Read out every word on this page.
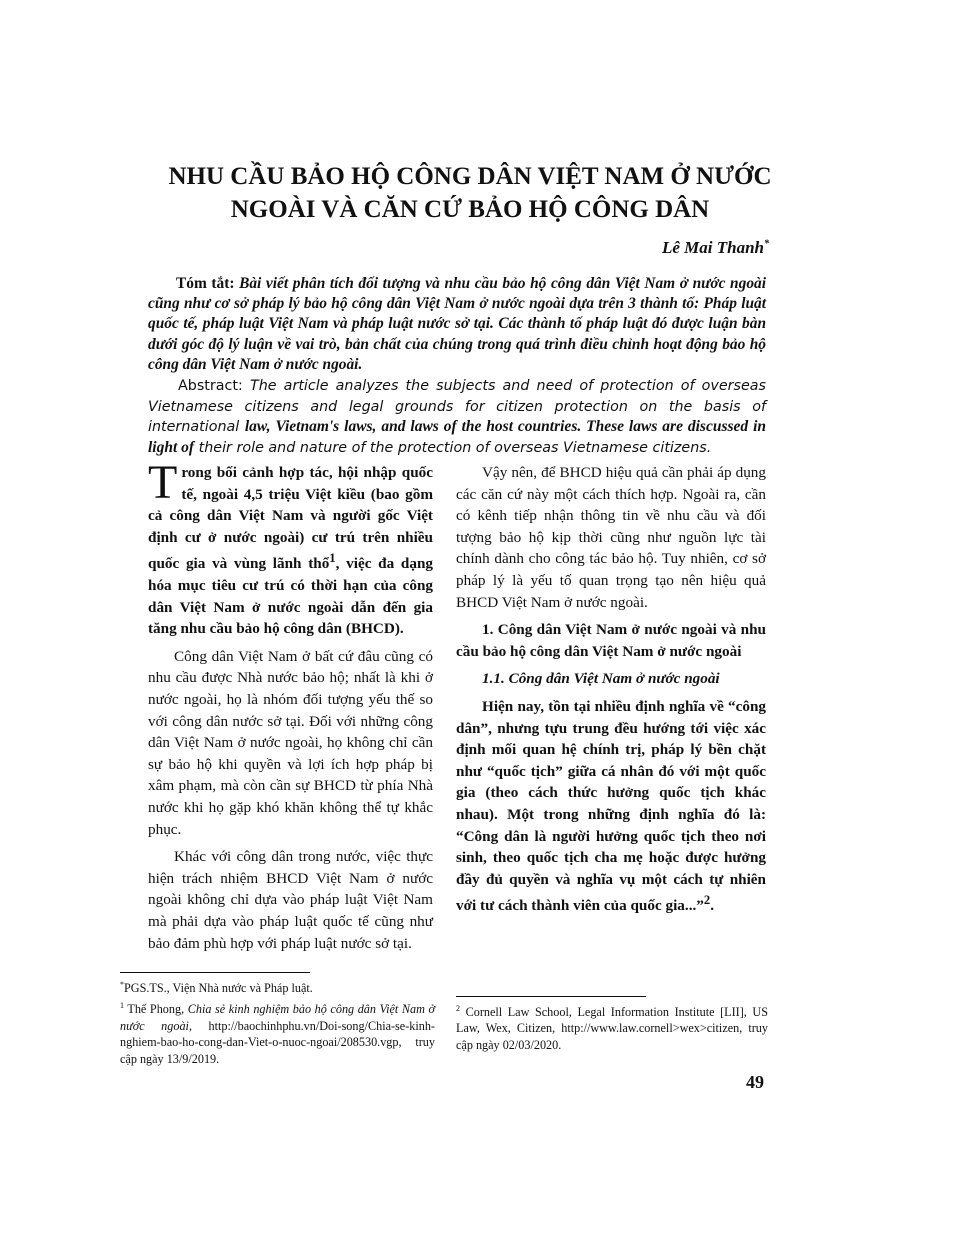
NHU CẦU BẢO HỘ CÔNG DÂN VIỆT NAM Ở NƯỚC
NGOÀI VÀ CĂN CỨ BẢO HỘ CÔNG DÂN
Lê Mai Thanh*

Tóm tắt: Bài viết phân tích đối tượng và nhu cầu bảo hộ công dân Việt Nam ở nước ngoài cũng như cơ sở pháp lý bảo hộ công dân Việt Nam ở nước ngoài dựa trên 3 thành tố: Pháp luật quốc tế, pháp luật Việt Nam và pháp luật nước sở tại. Các thành tố pháp luật đó được luận bàn dưới góc độ lý luận về vai trò, bản chất của chúng trong quá trình điều chỉnh hoạt động bảo hộ công dân Việt Nam ở nước ngoài.

Abstract: The article analyzes the subjects and need of protection of overseas Vietnamese citizens and legal grounds for citizen protection on the basis of international law, Vietnam's laws, and laws of the host countries. These laws are discussed in light of their role and nature of the protection of overseas Vietnamese citizens.

Trong bối cảnh hợp tác, hội nhập quốc tế, ngoài 4,5 triệu Việt kiều (bao gồm cả công dân Việt Nam và người gốc Việt định cư ở nước ngoài) cư trú trên nhiều quốc gia và vùng lãnh thổ$^1$, việc đa dạng hóa mục tiêu cư trú có thời hạn của công dân Việt Nam ở nước ngoài dẫn đến gia tăng nhu cầu bảo hộ công dân (BHCD).

Công dân Việt Nam ở bất cứ đâu cũng có nhu cầu được Nhà nước bảo hộ; nhất là khi ở nước ngoài, họ là nhóm đối tượng yếu thế so với công dân nước sở tại. Đối với những công dân Việt Nam ở nước ngoài, họ không chỉ cần sự bảo hộ khi quyền và lợi ích hợp pháp bị xâm phạm, mà còn cần sự BHCD từ phía Nhà nước khi họ gặp khó khăn không thể tự khắc phục.

Khác với công dân trong nước, việc thực hiện trách nhiệm BHCD Việt Nam ở nước ngoài không chỉ dựa vào pháp luật Việt Nam mà phải dựa vào pháp luật quốc tế cũng như bảo đảm phù hợp với pháp luật nước sở tại.

Vậy nên, để BHCD hiệu quả cần phải áp dụng các căn cứ này một cách thích hợp. Ngoài ra, cần có kênh tiếp nhận thông tin về nhu cầu và đối tượng bảo hộ kịp thời cũng như nguồn lực tài chính dành cho công tác bảo hộ. Tuy nhiên, cơ sở pháp lý là yếu tố quan trọng tạo nên hiệu quả BHCD Việt Nam ở nước ngoài.

1. Công dân Việt Nam ở nước ngoài và nhu cầu bảo hộ công dân Việt Nam ở nước ngoài

1.1. Công dân Việt Nam ở nước ngoài

Hiện nay, tồn tại nhiều định nghĩa về “công dân”, nhưng tựu trung đều hướng tới việc xác định mối quan hệ chính trị, pháp lý bền chặt như “quốc tịch” giữa cá nhân đó với một quốc gia (theo cách thức hưởng quốc tịch khác nhau). Một trong những định nghĩa đó là: “Công dân là người hưởng quốc tịch theo nơi sinh, theo quốc tịch cha mẹ hoặc được hưởng đầy đủ quyền và nghĩa vụ một cách tự nhiên với tư cách thành viên của quốc gia...”$^2$.

*PGS.TS., Viện Nhà nước và Pháp luật.

$^1$ Thế Phong, Chia sẻ kinh nghiệm bảo hộ công dân Việt Nam ở nước ngoài, http://baochinhphu.vn/Doi-song/Chia-se-kinh-nghiem-bao-ho-cong-dan-Viet-o-nuoc-ngoai/208530.vgp, truy cập ngày 13/9/2019.

$^2$ Cornell Law School, Legal Information Institute [LII], US Law, Wex, Citizen, http://www.law.cornell>wex>citizen, truy cập ngày 02/03/2020.

49
